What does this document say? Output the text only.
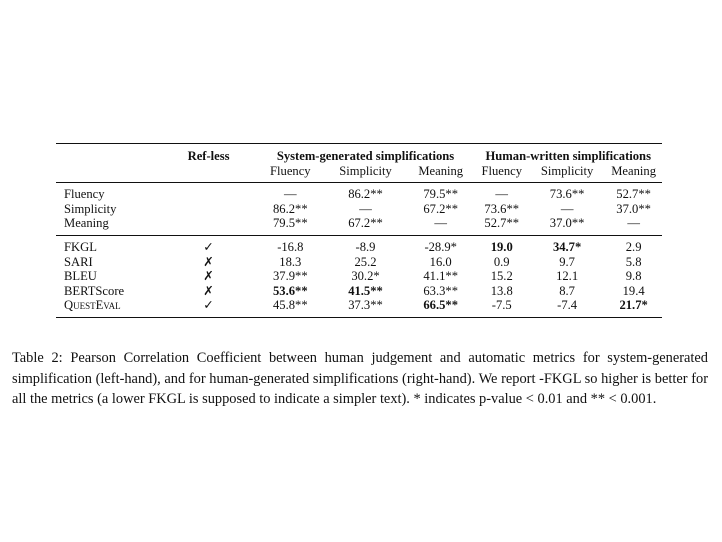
	Ref-less	System-generated simplifications			Human-written simplifications		
		Fluency	Simplicity	Meaning	Fluency	Simplicity	Meaning
Fluency		—	86.2**	79.5**	—	73.6**	52.7**
Simplicity		86.2**	—	67.2**	73.6**	—	37.0**
Meaning		79.5**	67.2**	—	52.7**	37.0**	—
FKGL	✓	-16.8	-8.9	-28.9*	19.0	34.7*	2.9
SARI	✗	18.3	25.2	16.0	0.9	9.7	5.8
BLEU	✗	37.9**	30.2*	41.1**	15.2	12.1	9.8
BERTScore	✗	53.6**	41.5**	63.3**	13.8	8.7	19.4
QuestEval	✓	45.8**	37.3**	66.5**	-7.5	-7.4	21.7*

Table 2: Pearson Correlation Coefficient between human judgement and automatic metrics for system-generated simplification (left-hand), and for human-generated simplifications (right-hand). We report -FKGL so higher is better for all the metrics (a lower FKGL is supposed to indicate a simpler text). * indicates p-value < 0.01 and ** < 0.001.
